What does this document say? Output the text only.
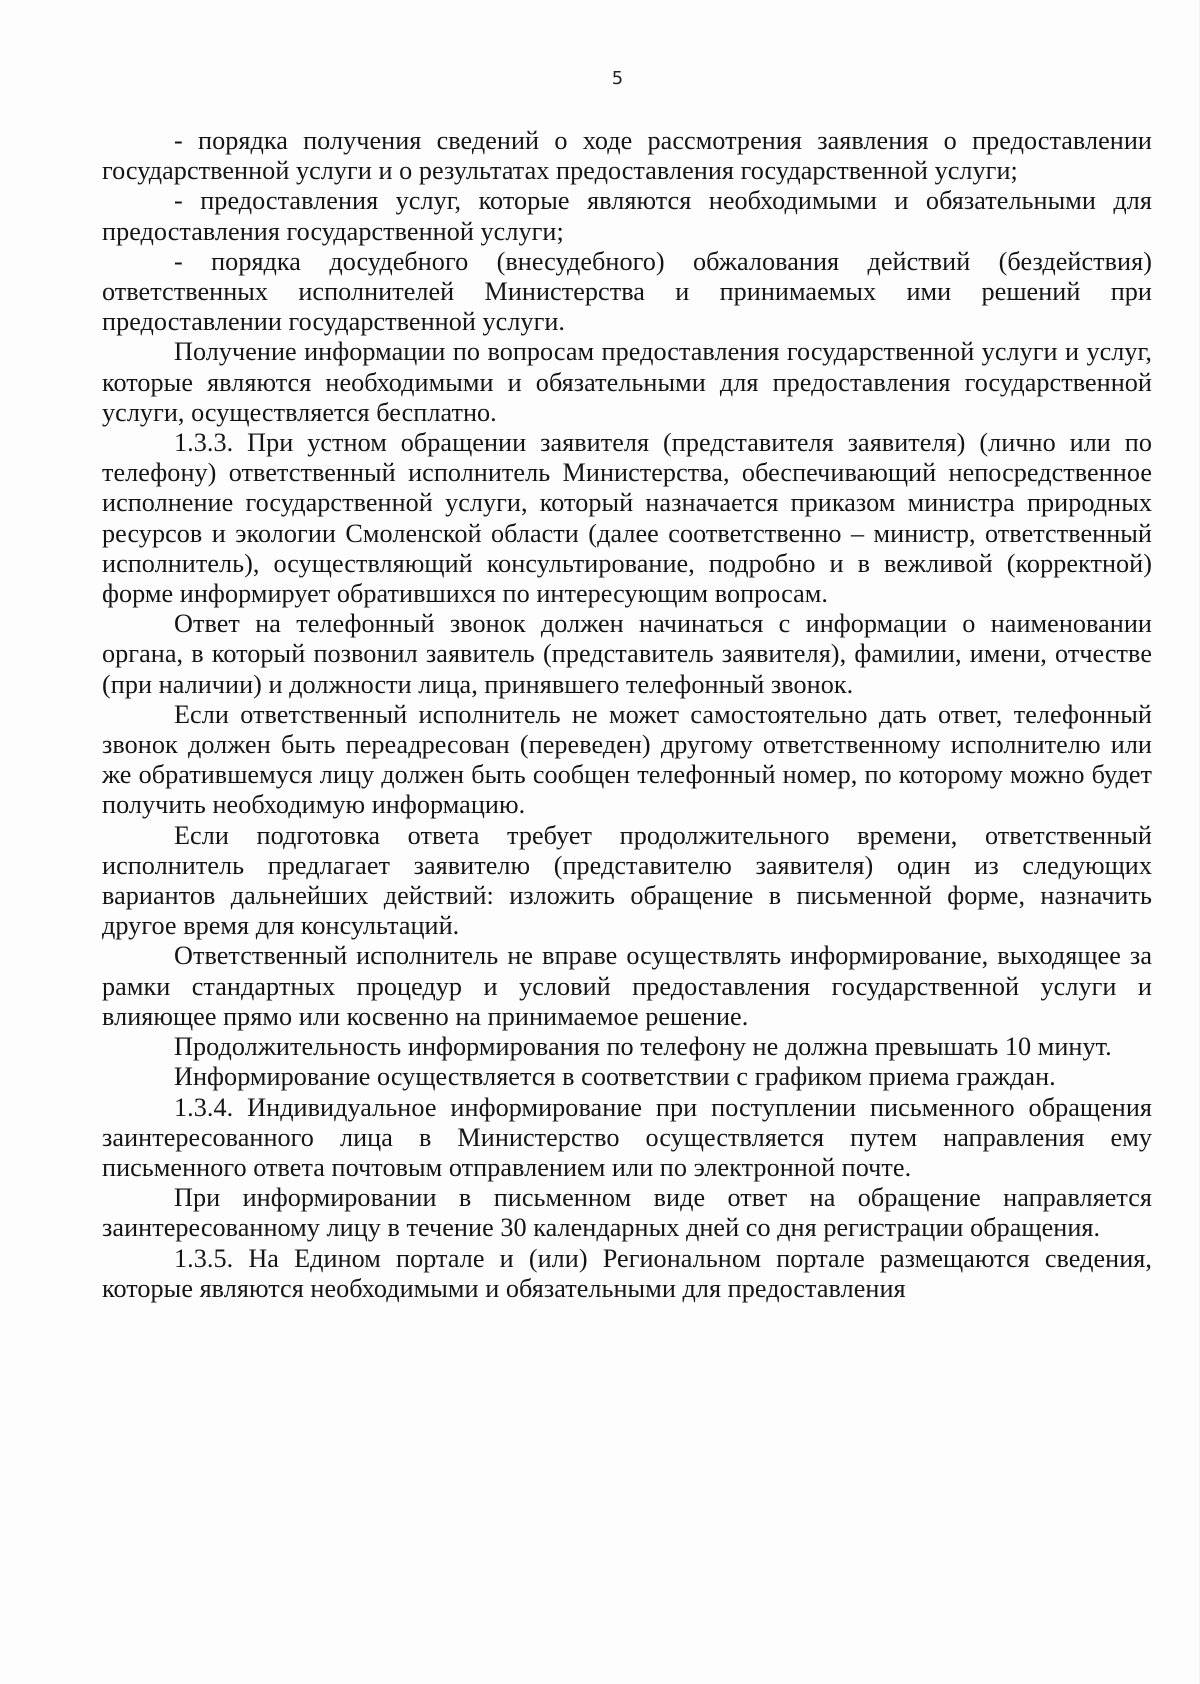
5

- порядка получения сведений о ходе рассмотрения заявления о предоставлении государственной услуги и о результатах предоставления государственной услуги;

- предоставления услуг, которые являются необходимыми и обязательными для предоставления государственной услуги;

- порядка досудебного (внесудебного) обжалования действий (бездействия) ответственных исполнителей Министерства и принимаемых ими решений при предоставлении государственной услуги.

Получение информации по вопросам предоставления государственной услуги и услуг, которые являются необходимыми и обязательными для предоставления государственной услуги, осуществляется бесплатно.

1.3.3. При устном обращении заявителя (представителя заявителя) (лично или по телефону) ответственный исполнитель Министерства, обеспечивающий непосредственное исполнение государственной услуги, который назначается приказом министра природных ресурсов и экологии Смоленской области (далее соответственно – министр, ответственный исполнитель), осуществляющий консультирование, подробно и в вежливой (корректной) форме информирует обратившихся по интересующим вопросам.

Ответ на телефонный звонок должен начинаться с информации о наименовании органа, в который позвонил заявитель (представитель заявителя), фамилии, имени, отчестве (при наличии) и должности лица, принявшего телефонный звонок.

Если ответственный исполнитель не может самостоятельно дать ответ, телефонный звонок должен быть переадресован (переведен) другому ответственному исполнителю или же обратившемуся лицу должен быть сообщен телефонный номер, по которому можно будет получить необходимую информацию.

Если подготовка ответа требует продолжительного времени, ответственный исполнитель предлагает заявителю (представителю заявителя) один из следующих вариантов дальнейших действий: изложить обращение в письменной форме, назначить другое время для консультаций.

Ответственный исполнитель не вправе осуществлять информирование, выходящее за рамки стандартных процедур и условий предоставления государственной услуги и влияющее прямо или косвенно на принимаемое решение.

Продолжительность информирования по телефону не должна превышать 10 минут.

Информирование осуществляется в соответствии с графиком приема граждан.

1.3.4. Индивидуальное информирование при поступлении письменного обращения заинтересованного лица в Министерство осуществляется путем направления ему письменного ответа почтовым отправлением или по электронной почте.

При информировании в письменном виде ответ на обращение направляется заинтересованному лицу в течение 30 календарных дней со дня регистрации обращения.

1.3.5. На Едином портале и (или) Региональном портале размещаются сведения, которые являются необходимыми и обязательными для предоставления
